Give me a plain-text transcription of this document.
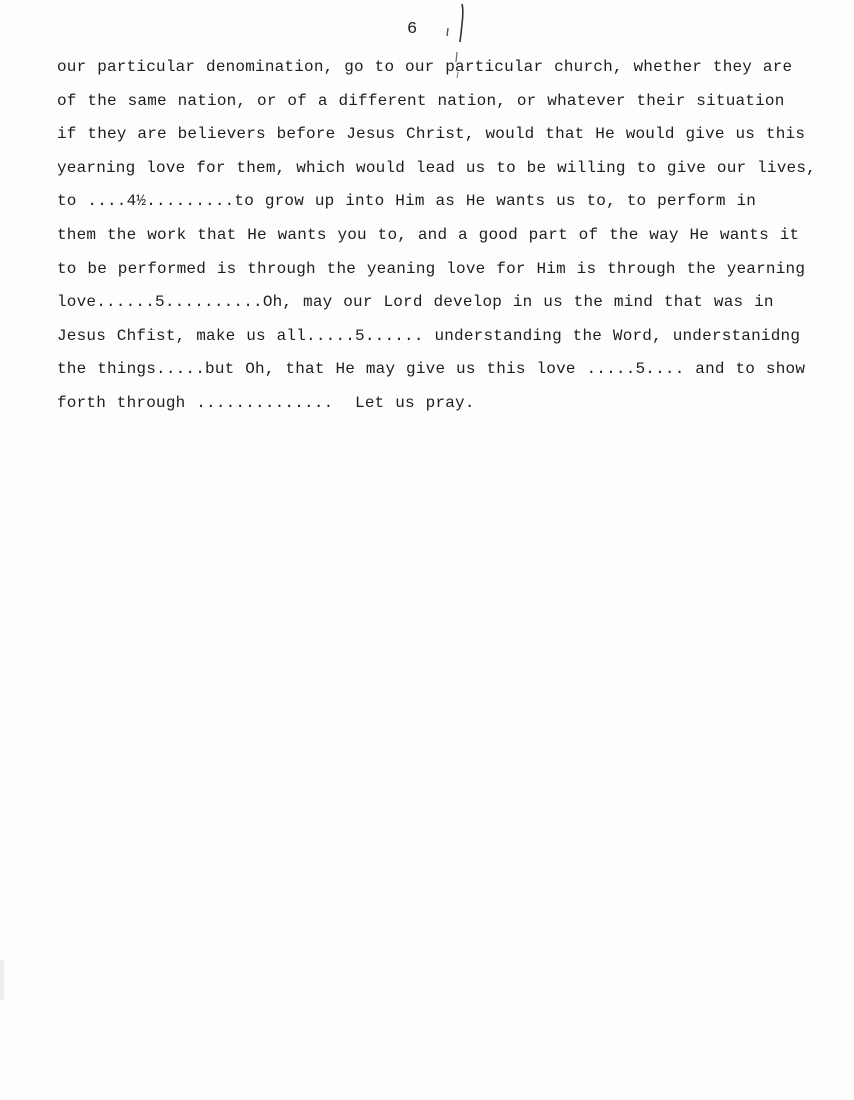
6
our particular denomination, go to our particular church, whether they are
of the same nation, or of a different nation, or whatever their situation
if they are believers before Jesus Christ, would that He would give us this
yearning love for them, which would lead us to be willing to give our lives,
to ....4½.........to grow up into Him as He wants us to, to perform in
them the work that He wants you to, and a good part of the way He wants it
to be performed is through the yeaning love for Him is through the yearning
love......5..........Oh, may our Lord develop in us the mind that was in
Jesus Chfist, make us all.....5...... understanding the Word, understanidng
the things.....but Oh, that He may give us this love .....5.... and to show
forth through ..............  Let us pray.
